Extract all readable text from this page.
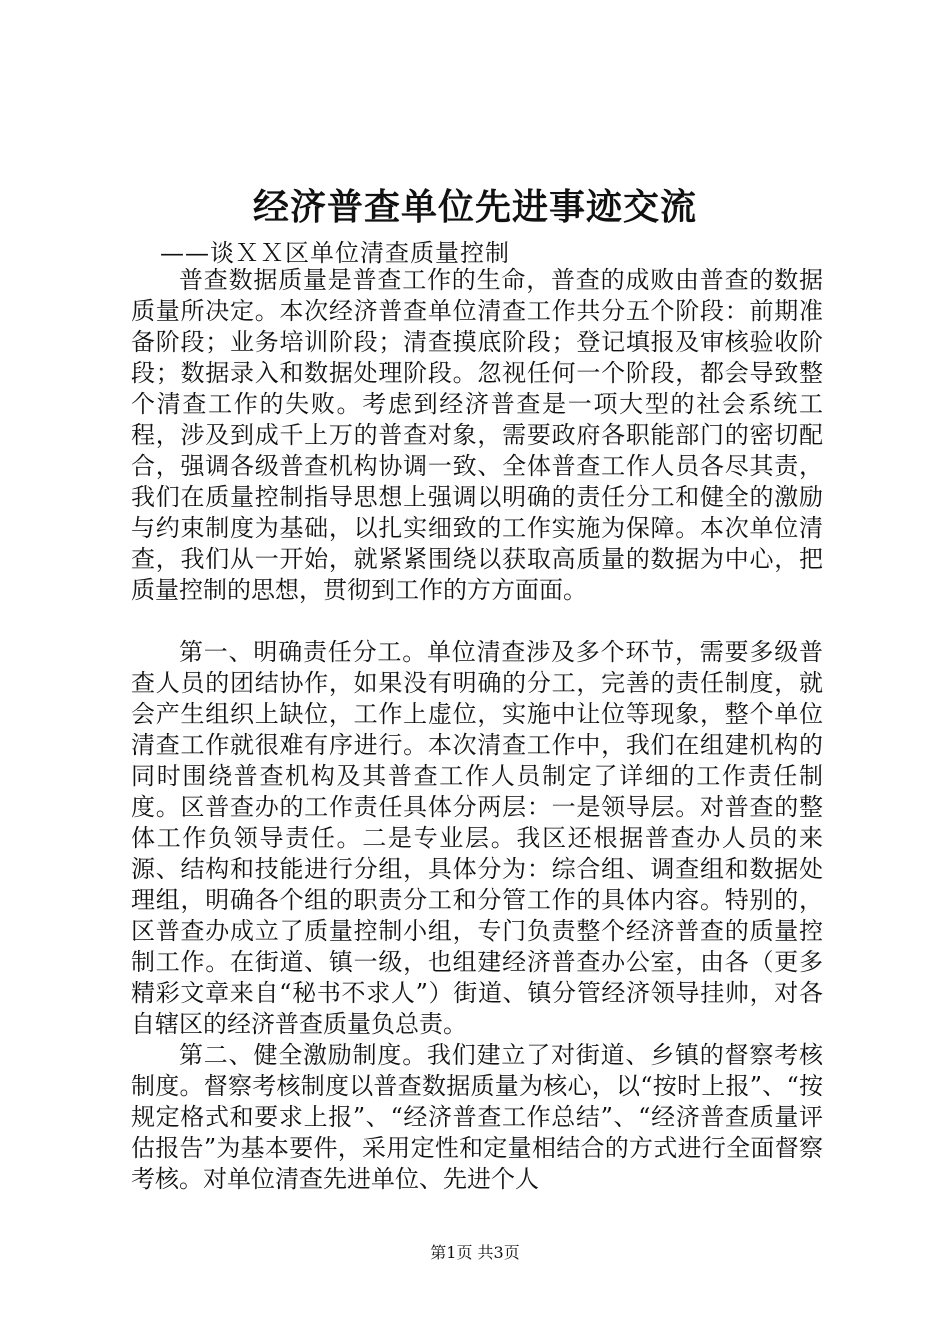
经济普查单位先进事迹交流
——谈ＸＸ区单位清查质量控制

普查数据质量是普查工作的生命，普查的成败由普查的数据质量所决定。本次经济普查单位清查工作共分五个阶段：前期准备阶段；业务培训阶段；清查摸底阶段；登记填报及审核验收阶段；数据录入和数据处理阶段。忽视任何一个阶段，都会导致整个清查工作的失败。考虑到经济普查是一项大型的社会系统工程，涉及到成千上万的普查对象，需要政府各职能部门的密切配合，强调各级普查机构协调一致、全体普查工作人员各尽其责，我们在质量控制指导思想上强调以明确的责任分工和健全的激励与约束制度为基础，以扎实细致的工作实施为保障。本次单位清查，我们从一开始，就紧紧围绕以获取高质量的数据为中心，把质量控制的思想，贯彻到工作的方方面面。

第一、明确责任分工。单位清查涉及多个环节，需要多级普查人员的团结协作，如果没有明确的分工，完善的责任制度，就会产生组织上缺位，工作上虚位，实施中让位等现象，整个单位清查工作就很难有序进行。本次清查工作中，我们在组建机构的同时围绕普查机构及其普查工作人员制定了详细的工作责任制度。区普查办的工作责任具体分两层：一是领导层。对普查的整体工作负领导责任。二是专业层。我区还根据普查办人员的来源、结构和技能进行分组，具体分为：综合组、调查组和数据处理组，明确各个组的职责分工和分管工作的具体内容。特别的，区普查办成立了质量控制小组，专门负责整个经济普查的质量控制工作。在街道、镇一级，也组建经济普查办公室，由各（更多精彩文章来自“秘书不求人”）街道、镇分管经济领导挂帅，对各自辖区的经济普查质量负总责。

第二、健全激励制度。我们建立了对街道、乡镇的督察考核制度。督察考核制度以普查数据质量为核心，以“按时上报”、“按规定格式和要求上报”、“经济普查工作总结”、“经济普查质量评估报告”为基本要件，采用定性和定量相结合的方式进行全面督察考核。对单位清查先进单位、先进个人

第1页 共3页
